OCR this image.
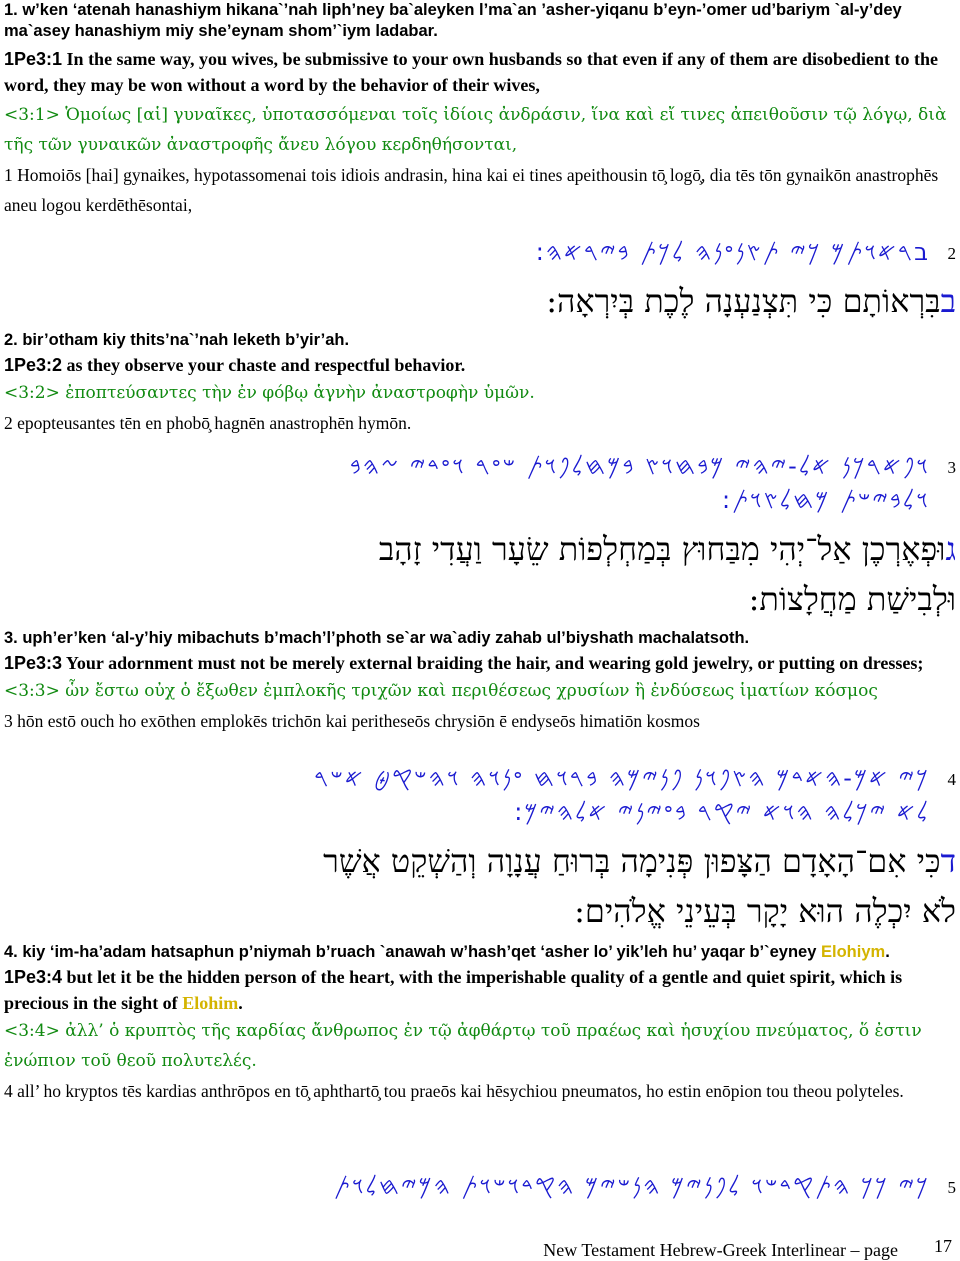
1. w’ken ‘atenah hanashiym hikana`’nah liph’ney ba`aleyken l’ma`an ’asher-yiqanu b’eyn-’omer ud’bariym `al-y’dey ma`asey hanashiym miy she’eynam shom’`iym ladabar.

1Pe3:1 In the same way, you wives, be submissive to your own husbands so that even if any of them are disobedient to the word, they may be won without a word by the behavior of their wives,

<3:1> Ὁμοίως [αἱ] γυναῖκες, ὑποτασσόμεναι τοῖς ἰδίοις ἀνδράσιν, ἵνα καὶ εἴ τινες ἀπειθοῦσιν τῷ λόγῳ, διὰ τῆς τῶν γυναικῶν ἀναστροφῆς ἄνευ λόγου κερδηθήσονται,

1 Homoiōs [hai] gynaikes, hypotassomenai tois idiois andrasin, hina kai ei tines apeithousin tō̧ logō̧, dia tēs tōn gynaikōn anastrophēs aneu logou kerdēthēsontai,

2
ב𐤓𐤀𐤅𐤕𐤌 𐤊𐤉 𐤕𐤑𐤍𐤏𐤍𐤄 𐤋𐤊𐤕 𐤁𐤉𐤓𐤀𐤄:

בבִּרְאוֹתָם כִּי תִּצְנַעְנָה לֶכֶת בְּיִרְאָה:

2. bir’otham kiy thits’na`’nah leketh b’yir’ah.

1Pe3:2 as they observe your chaste and respectful behavior.

<3:2> ἐποπτεύσαντες τὴν ἐν φόβῳ ἁγνὴν ἀναστροφὴν ὑμῶν.

2 epopteusantes tēn en phobō̧ hagnēn anastrophēn hymōn.

3
𐤅𐤐𐤀𐤓𐤊𐤍 𐤀𐤋-𐤉𐤄𐤉 𐤌𐤁𐤇𐤅𐤑 𐤁𐤌𐤇𐤋𐤐𐤅𐤕 𐤔𐤏𐤓 𐤅𐤏𐤃𐤉 𐤆𐤄𐤁
𐤅𐤋𐤁𐤉𐤔𐤕 𐤌𐤇𐤋𐤑𐤅𐤕:

גוּפְאֶרְכֶן אַל־יְהִי מִבַּחוּץ בְּמַחְלְפוֹת שֵׂעָר וַעֲדִי זָהָב

וּלְבִישַׁת מַחֲלָצוֹת:

3. uph’er’ken ‘al-y’hiy mibachuts b’mach’l’photh se`ar wa`adiy zahab ul’biyshath machalatsoth.

1Pe3:3 Your adornment must not be merely external braiding the hair, and wearing gold jewelry, or putting on dresses;

<3:3> ὧν ἔστω οὐχ ὁ ἔξωθεν ἐμπλοκῆς τριχῶν καὶ περιθέσεως χρυσίων ἢ ἐνδύσεως ἱματίων κόσμος

3 hōn estō ouch ho exōthen emplokēs trichōn kai peritheseōs chrysiōn ē endyseōs himatiōn kosmos

4
𐤊𐤉 𐤀𐤌-𐤄𐤀𐤃𐤌 𐤄𐤑𐤐𐤅𐤍 𐤐𐤍𐤉𐤌𐤄 𐤁𐤓𐤅𐤇 𐤏𐤍𐤅𐤄 𐤅𐤄𐤔𐤒𐤈 𐤀𐤔𐤓
𐤋𐤀 𐤉𐤊𐤋𐤄 𐤄𐤅𐤀 𐤉𐤒𐤓 𐤁𐤏𐤉𐤍𐤉 𐤀𐤋𐤄𐤉𐤌:

דכִּי אִם־הָאָדָם הַצָּפוּן פְּנִימָה בְּרוּחַ עֲנָוָה וְהַשְׁקֵט אֲשֶׁר

לֹא יִכְלֶה הוּא יָקָר בְּעֵינֵי אֱלֹהִים:

4. kiy ‘im-ha’adam hatsaphun p’niymah b’ruach `anawah w’hash’qet ‘asher lo’ yik’leh hu’ yaqar b’`eyney Elohiym.

1Pe3:4 but let it be the hidden person of the heart, with the imperishable quality of a gentle and quiet spirit, which is precious in the sight of Elohim.

<3:4> ἀλλ’ ὁ κρυπτὸς τῆς καρδίας ἄνθρωπος ἐν τῷ ἀφθάρτῳ τοῦ πραέως καὶ ἡσυχίου πνεύματος, ὅ ἐστιν ἐνώπιον τοῦ θεοῦ πολυτελές.

4 all’ ho kryptos tēs kardias anthrōpos en tō̧ aphthartō̧ tou praeōs kai hēsychiou pneumatos, ho estin enōpion tou theou polyteles.

5
𐤊𐤉 𐤊𐤊 𐤄𐤕𐤒𐤃𐤔𐤅 𐤋𐤐𐤍𐤉𐤌 𐤄𐤍𐤔𐤉𐤌 𐤄𐤒𐤃𐤅𐤔𐤅𐤕 𐤄𐤌𐤉𐤇𐤋𐤅𐤕
New Testament Hebrew-Greek Interlinear – page 17
